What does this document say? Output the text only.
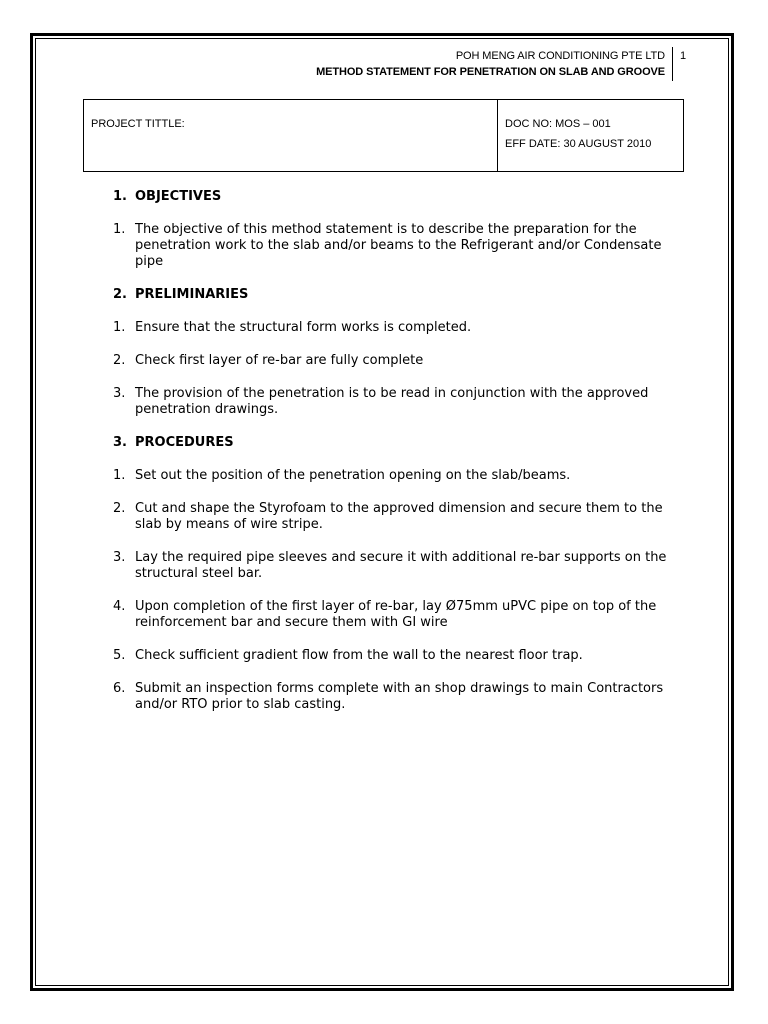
POH MENG AIR CONDITIONING PTE LTD
METHOD STATEMENT FOR PENETRATION ON SLAB AND GROOVE
1
PROJECT TITTLE:	DOC NO: MOS – 001
EFF DATE: 30 AUGUST 2010
1. OBJECTIVES
1. The objective of this method statement is to describe the preparation for the penetration work to the slab and/or beams to the Refrigerant and/or Condensate pipe
2. PRELIMINARIES
1. Ensure that the structural form works is completed.
2. Check first layer of re-bar are fully complete
3. The provision of the penetration is to be read in conjunction with the approved penetration drawings.
3. PROCEDURES
1. Set out the position of the penetration opening on the slab/beams.
2. Cut and shape the Styrofoam to the approved dimension and secure them to the slab by means of wire stripe.
3. Lay the required pipe sleeves and secure it with additional re-bar supports on the structural steel bar.
4. Upon completion of the first layer of re-bar, lay Ø75mm uPVC pipe on top of the reinforcement bar and secure them with GI wire
5. Check sufficient gradient flow from the wall to the nearest floor trap.
6. Submit an inspection forms complete with an shop drawings to main Contractors and/or RTO prior to slab casting.
